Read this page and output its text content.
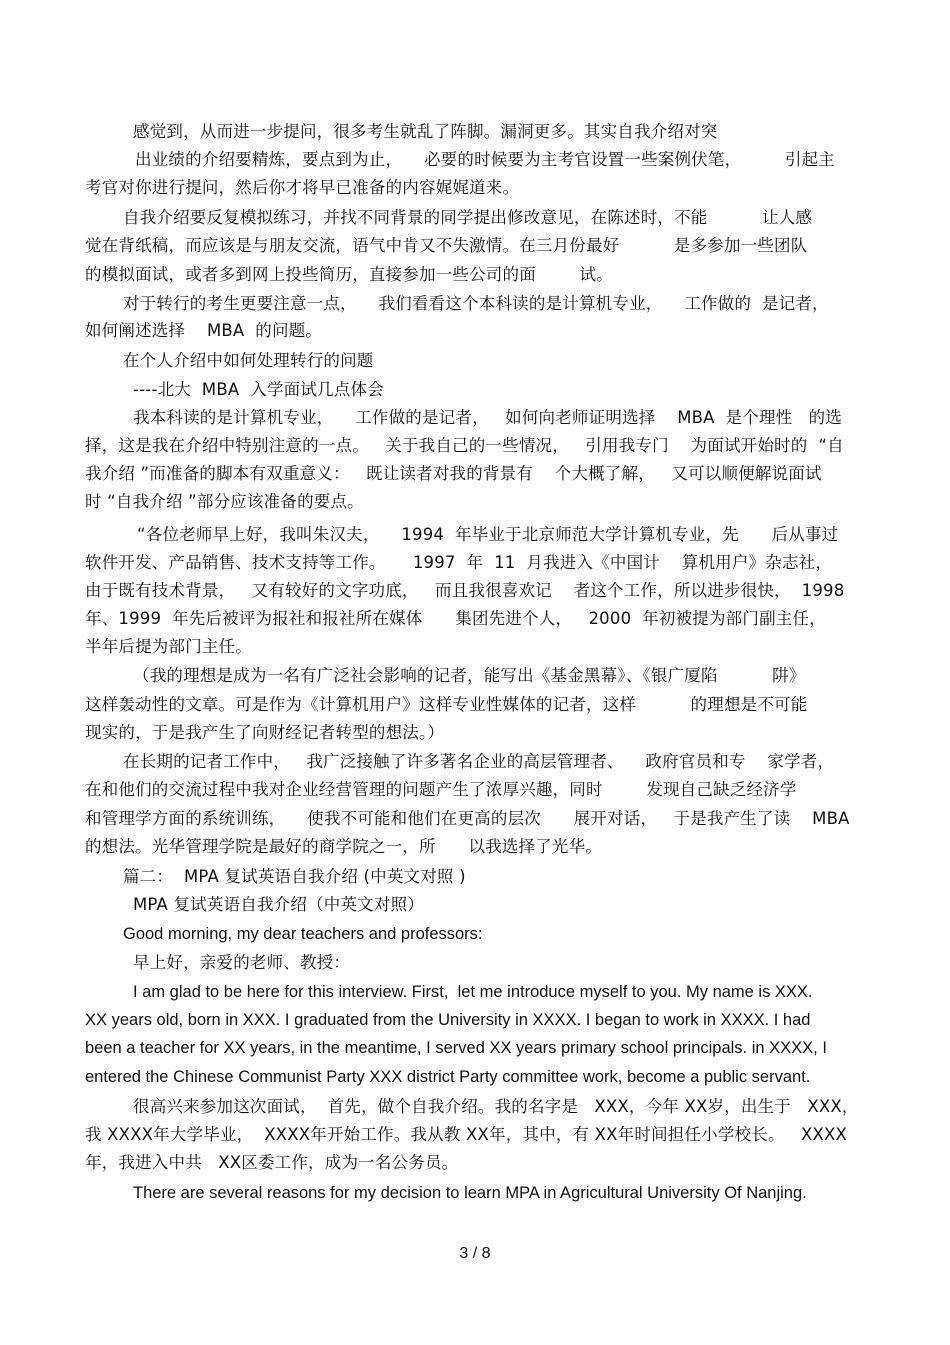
感觉到，从而进一步提问，很多考生就乱了阵脚。漏洞更多。其实自我介绍对突
出业绩的介绍要精炼，要点到为止，    必要的时候要为主考官设置一些案例伏笔，        引起主
考官对你进行提问，然后你才将早已准备的内容娓娓道来。
自我介绍要反复模拟练习，并找不同背景的同学提出修改意见，在陈述时，不能          让人感
觉在背纸稿，而应该是与朋友交流，语气中肯又不失激情。在三月份最好          是多参加一些团队
的模拟面试，或者多到网上投些简历，直接参加一些公司的面        试。
对于转行的考生更要注意一点，    我们看看这个本科读的是计算机专业，    工作做的  是记者，
如何阐述选择    MBA  的问题。
在个人介绍中如何处理转行的问题
----北大  MBA  入学面试几点体会
我本科读的是计算机专业，    工作做的是记者，   如何向老师证明选择    MBA  是个理性   的选
择，这是我在介绍中特别注意的一点。   关于我自己的一些情况，   引用我专门    为面试开始时的  “自
我介绍 ”而准备的脚本有双重意义：   既让读者对我的背景有    个大概了解，   又可以顺便解说面试
时 “自我介绍 ”部分应该准备的要点。
“各位老师早上好，我叫朱汉夫，    1994  年毕业于北京师范大学计算机专业，先      后从事过
软件开发、产品销售、技术支持等工作。     1997  年  11  月我进入《中国计    算机用户》杂志社，
由于既有技术背景，   又有较好的文字功底，   而且我很喜欢记    者这个工作，所以进步很快，  1998
年、1999  年先后被评为报社和报社所在媒体      集团先进个人，   2000  年初被提为部门副主任，
半年后提为部门主任。
（我的理想是成为一名有广泛社会影响的记者，能写出《基金黑幕》、《银广厦陷          阱》
这样轰动性的文章。可是作为《计算机用户》这样专业性媒体的记者，这样          的理想是不可能
现实的，于是我产生了向财经记者转型的想法。）
在长期的记者工作中，   我广泛接触了许多著名企业的高层管理者、    政府官员和专    家学者，
在和他们的交流过程中我对企业经营管理的问题产生了浓厚兴趣，同时        发现自己缺乏经济学
和管理学方面的系统训练，    使我不可能和他们在更高的层次      展开对话，   于是我产生了读    MBA
的想法。光华管理学院是最好的商学院之一，所      以我选择了光华。
篇二：  MPA 复试英语自我介绍 (中英文对照 )
MPA 复试英语自我介绍（中英文对照）
Good morning, my dear teachers and professors:
早上好，亲爱的老师、教授：
I am glad to be here for this interview. First,  let me introduce myself to you. My name is XXX.
XX years old, born in XXX. I graduated from the University in XXXX. I began to work in XXXX. I had
been a teacher for XX years, in the meantime, I served XX years primary school principals. in XXXX, I
entered the Chinese Communist Party XXX district Party committee work, become a public servant.
很高兴来参加这次面试，  首先，做个自我介绍。我的名字是   XXX，今年 XX岁，出生于   XXX，
我 XXXX年大学毕业，  XXXX年开始工作。我从教 XX年，其中，有 XX年时间担任小学校长。   XXXX
年，我进入中共   XX区委工作，成为一名公务员。
There are several reasons for my decision to learn MPA in Agricultural University Of Nanjing.
3 / 8
